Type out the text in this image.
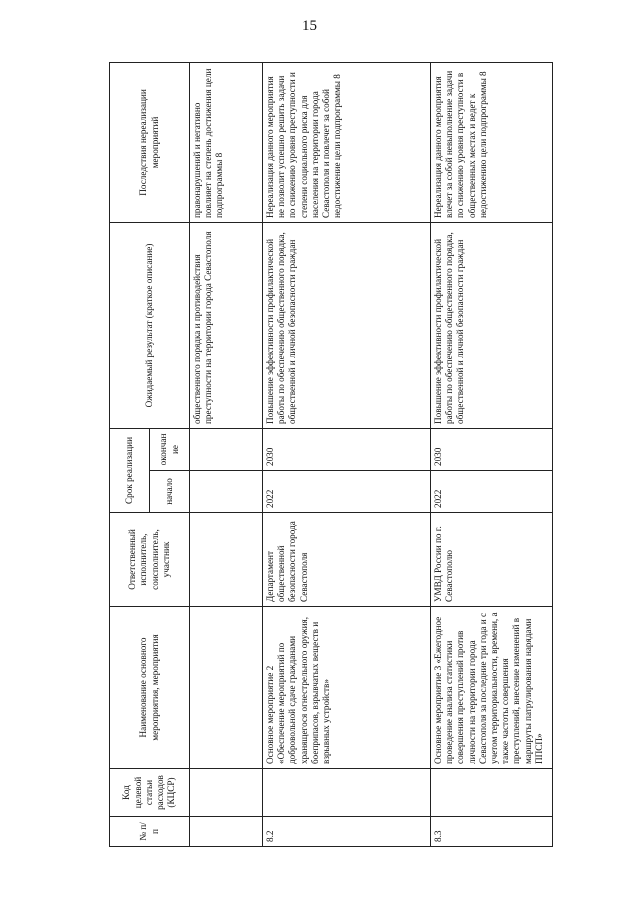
15
№ п/п	Код целевой статьи расходов (КЦСР)	Наименование основного мероприятия, мероприятия	Ответственный исполнитель, соисполнитель, участник	Срок реализации		Ожидаемый результат (краткое описание)	Последствия нереализации мероприятий
				начало	окончание		
						общественного порядка и противодействия преступности на территории города Севастополя	правонарушений и негативно повлияет на степень достижения цели подпрограммы 8
8.2		Основное мероприятие 2 «Обеспечение мероприятий по добровольной сдаче гражданами хранящегося огнестрельного оружия, боеприпасов, взрывчатых веществ и взрывных устройств»	Департамент общественной безопасности города Севастополя	2022	2030	Повышение эффективности профилактической работы по обеспечению общественного порядка, общественной и личной безопасности граждан	Нереализация данного мероприятия не позволит успешно решить задачи по снижению уровня преступности и степени социального риска для населения на территории города Севастополя и повлечет за собой недостижение цели подпрограммы 8
8.3		Основное мероприятие 3 «Ежегодное проведение анализа статистики совершения преступлений против личности на территории города Севастополя за последние три года и с учетом территориальности, времени, а также частоты совершения преступлений, внесение изменений в маршруты патрулирования нарядами ППСП»	УМВД России по г. Севастополю	2022	2030	Повышение эффективности профилактической работы по обеспечению общественного порядка, общественной и личной безопасности граждан	Нереализация данного мероприятия влечет за собой невыполнение задачи по снижению уровня преступности в общественных местах и ведет к недостижению цели подпрограммы 8
